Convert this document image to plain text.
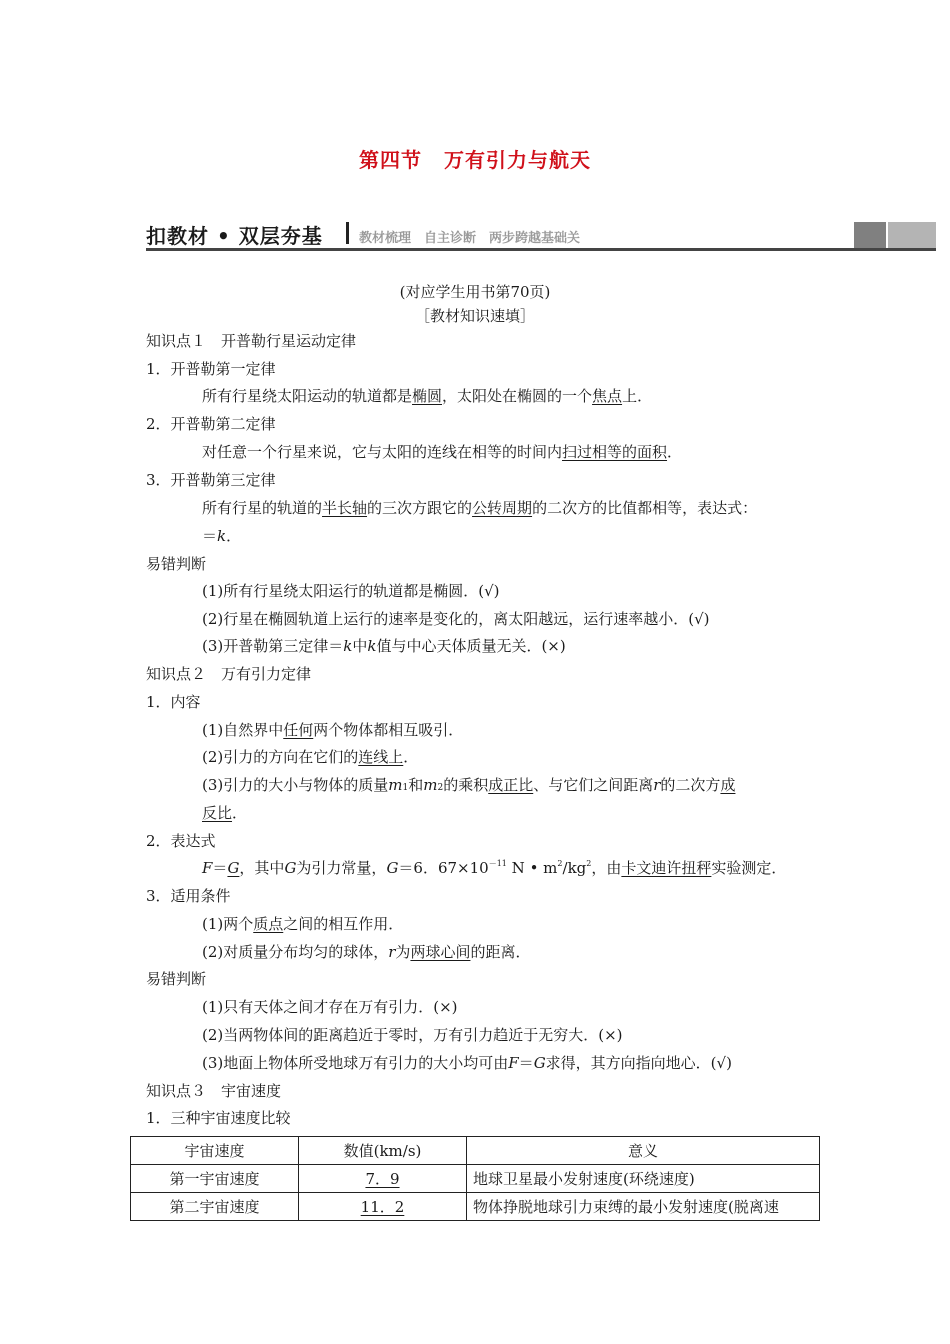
第四节 万有引力与航天
扣教材 • 双层夯基	教材梳理　自主诊断　两步跨越基础关
(对应学生用书第70页)
［教材知识速填］
知识点１　开普勒行星运动定律
1．开普勒第一定律
所有行星绕太阳运动的轨道都是椭圆，太阳处在椭圆的一个焦点上．
2．开普勒第二定律
对任意一个行星来说，它与太阳的连线在相等的时间内扫过相等的面积．
3．开普勒第三定律
所有行星的轨道的半长轴的三次方跟它的公转周期的二次方的比值都相等，表达式：
＝k．
易错判断
(1)所有行星绕太阳运行的轨道都是椭圆．(√)
(2)行星在椭圆轨道上运行的速率是变化的，离太阳越远，运行速率越小．(√)
(3)开普勒第三定律＝k中k值与中心天体质量无关．(×)
知识点２　万有引力定律
1．内容
(1)自然界中任何两个物体都相互吸引．
(2)引力的方向在它们的连线上．
(3)引力的大小与物体的质量m1和m2的乘积成正比、与它们之间距离r的二次方成
反比．
2．表达式
F＝G，其中G为引力常量，G＝6．$67\times 10^{-11}$ N • $m^2/kg^2$，由卡文迪许扭秤实验测定．
3．适用条件
(1)两个质点之间的相互作用．
(2)对质量分布均匀的球体，r为两球心间的距离．
易错判断
(1)只有天体之间才存在万有引力．(×)
(2)当两物体间的距离趋近于零时，万有引力趋近于无穷大．(×)
(3)地面上物体所受地球万有引力的大小均可由F＝G求得，其方向指向地心．(√)
知识点３　宇宙速度
1．三种宇宙速度比较
宇宙速度	数值(km/s)	意义
第一宇宙速度	7．9	地球卫星最小发射速度(环绕速度)
第二宇宙速度	11．2	物体挣脱地球引力束缚的最小发射速度(脱离速
